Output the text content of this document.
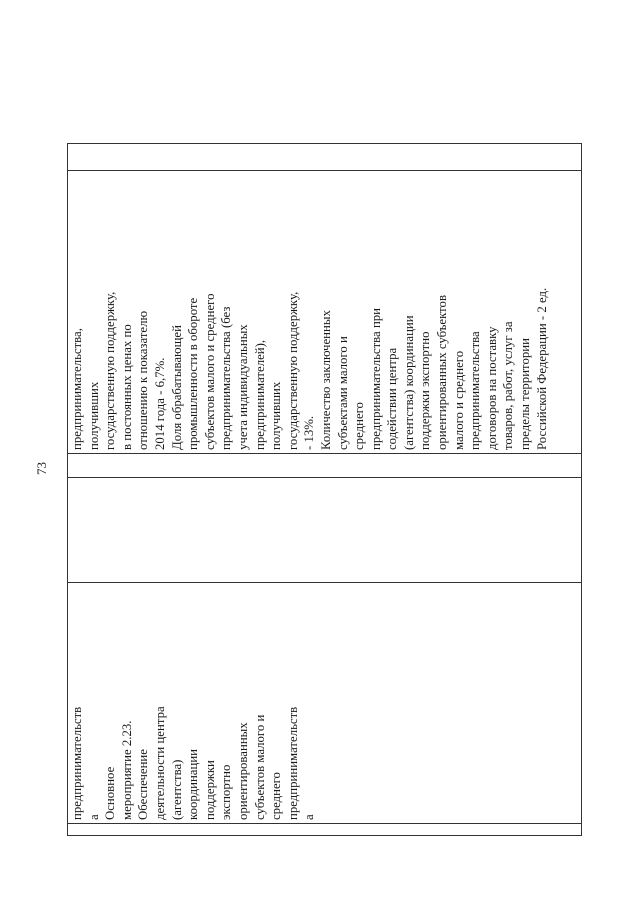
73

предпринимательств а Основное мероприятие 2.23. Обеспечение деятельности центра (агентства) координации поддержки экспортно ориентированных субъектов малого и среднего предпринимательств а

предпринимательства, получивших государственную поддержку, в постоянных ценах по отношению к показателю 2014 года - 6,7%. Доля обрабатывающей промышленности в обороте субъектов малого и среднего предпринимательства (без учета индивидуальных предпринимателей), получивших государственную поддержку, - 13%. Количество заключенных субъектами малого и среднего предпринимательства при содействии центра (агентства) координации поддержки экспортно ориентированных субъектов малого и среднего предпринимательства договоров на поставку товаров, работ, услуг за пределы территории Российской Федерации - 2 ед.
